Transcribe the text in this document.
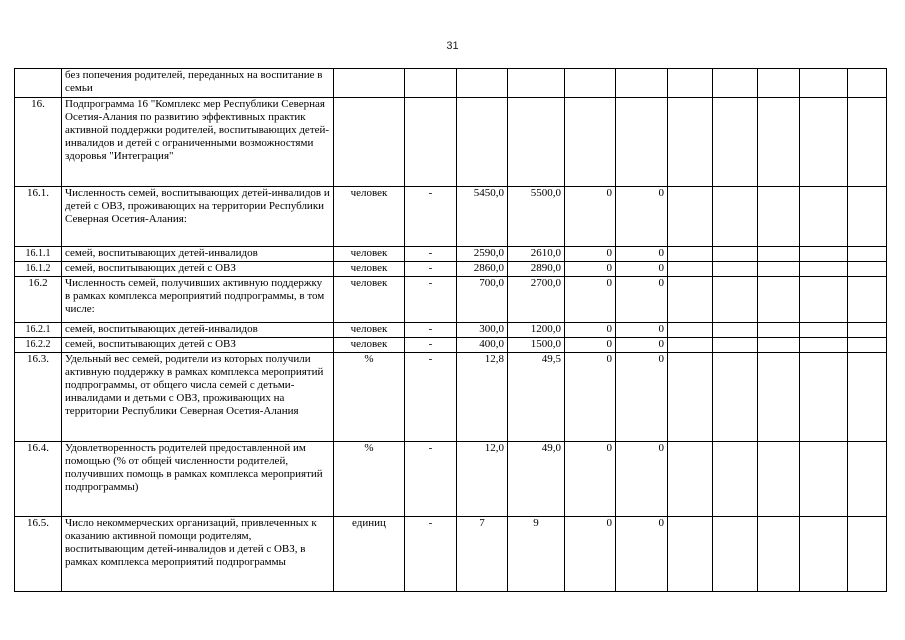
31
	без попечения родителей, переданных на воспитание в семьи											
16.	Подпрограмма 16 "Комплекс мер Республики Северная Осетия-Алания по развитию эффективных практик активной поддержки родителей, воспитывающих детей-инвалидов и детей с ограниченными возможностями здоровья "Интеграция"											
16.1.	Численность семей, воспитывающих детей-инвалидов и детей с ОВЗ, проживающих на территории Республики Северная Осетия-Алания:	человек	-	5450,0	5500,0	0	0					
16.1.1	семей, воспитывающих детей-инвалидов	человек	-	2590,0	2610,0	0	0					
16.1.2	семей, воспитывающих детей с ОВЗ	человек	-	2860,0	2890,0	0	0					
16.2	Численность семей, получивших активную поддержку в рамках комплекса мероприятий подпрограммы, в том числе:	человек	-	700,0	2700,0	0	0					
16.2.1	семей, воспитывающих детей-инвалидов	человек	-	300,0	1200,0	0	0					
16.2.2	семей, воспитывающих детей с ОВЗ	человек	-	400,0	1500,0	0	0					
16.3.	Удельный вес семей, родители из которых получили активную поддержку в рамках комплекса мероприятий подпрограммы, от общего числа семей с детьми-инвалидами и детьми с ОВЗ, проживающих на территории Республики Северная Осетия-Алания	%	-	12,8	49,5	0	0					
16.4.	Удовлетворенность родителей предоставленной им помощью (% от общей численности родителей, получивших помощь в рамках комплекса мероприятий подпрограммы)	%	-	12,0	49,0	0	0					
16.5.	Число некоммерческих организаций, привлеченных к оказанию активной помощи родителям, воспитывающим детей-инвалидов и детей с ОВЗ, в рамках комплекса мероприятий подпрограммы	единиц	-	7	9	0	0					
